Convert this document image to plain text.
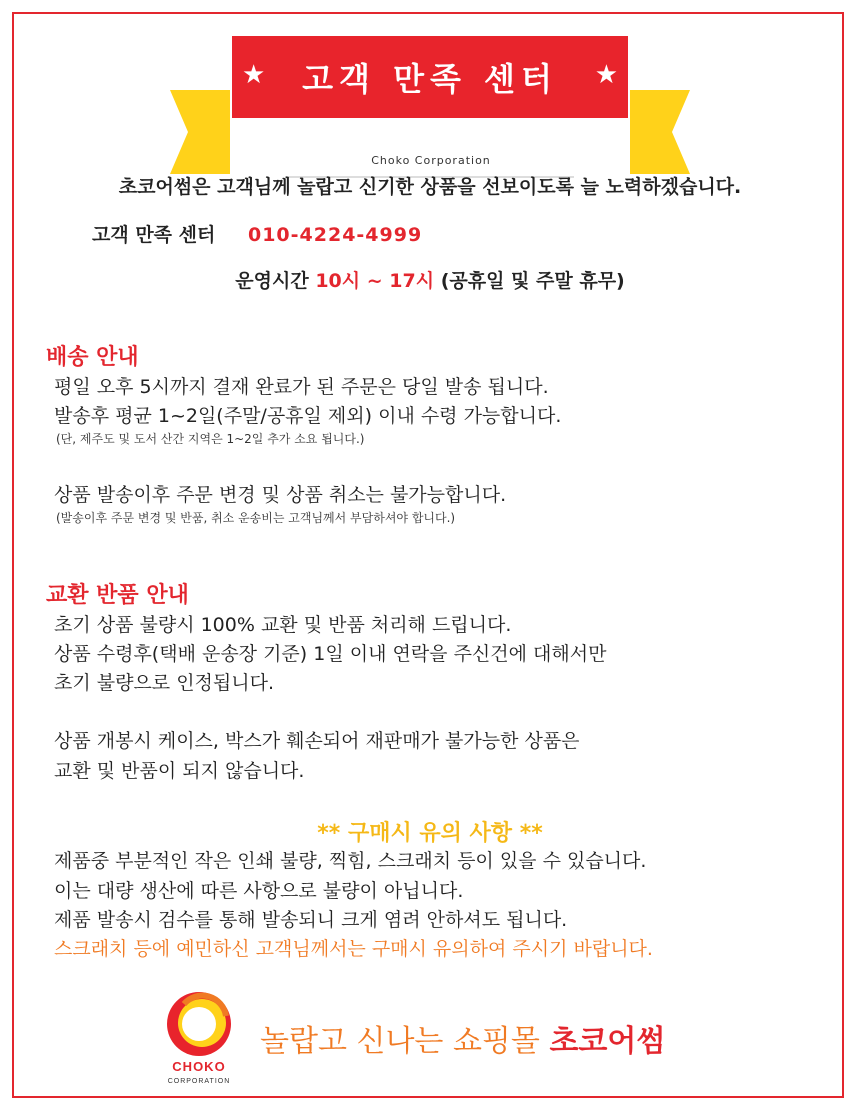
고객 만족 센터
★	★
Choko Corporation
초코어썸은 고객님께 놀랍고 신기한 상품을 선보이도록 늘 노력하겠습니다.
고객 만족 센터 010-4224-4999
운영시간 10시 ~ 17시 (공휴일 및 주말 휴무)
배송 안내
평일 오후 5시까지 결재 완료가 된 주문은 당일 발송 됩니다.
발송후 평균 1~2일(주말/공휴일 제외) 이내 수령 가능합니다.
(단, 제주도 및 도서 산간 지역은 1~2일 추가 소요 됩니다.)
상품 발송이후 주문 변경 및 상품 취소는 불가능합니다.
(발송이후 주문 변경 및 반품, 취소 운송비는 고객님께서 부담하셔야 합니다.)
교환 반품 안내
초기 상품 불량시 100% 교환 및 반품 처리해 드립니다.
상품 수령후(택배 운송장 기준) 1일 이내 연락을 주신건에 대해서만
초기 불량으로 인정됩니다.
상품 개봉시 케이스, 박스가 훼손되어 재판매가 불가능한 상품은
교환 및 반품이 되지 않습니다.
** 구매시 유의 사항 **
제품중 부분적인 작은 인쇄 불량, 찍힘, 스크래치 등이 있을 수 있습니다.
이는 대량 생산에 따른 사항으로 불량이 아닙니다.
제품 발송시 검수를 통해 발송되니 크게 염려 안하셔도 됩니다.
스크래치 등에 예민하신 고객님께서는 구매시 유의하여 주시기 바랍니다.
CHOKO
CORPORATION
놀랍고 신나는 쇼핑몰 초코어썸
